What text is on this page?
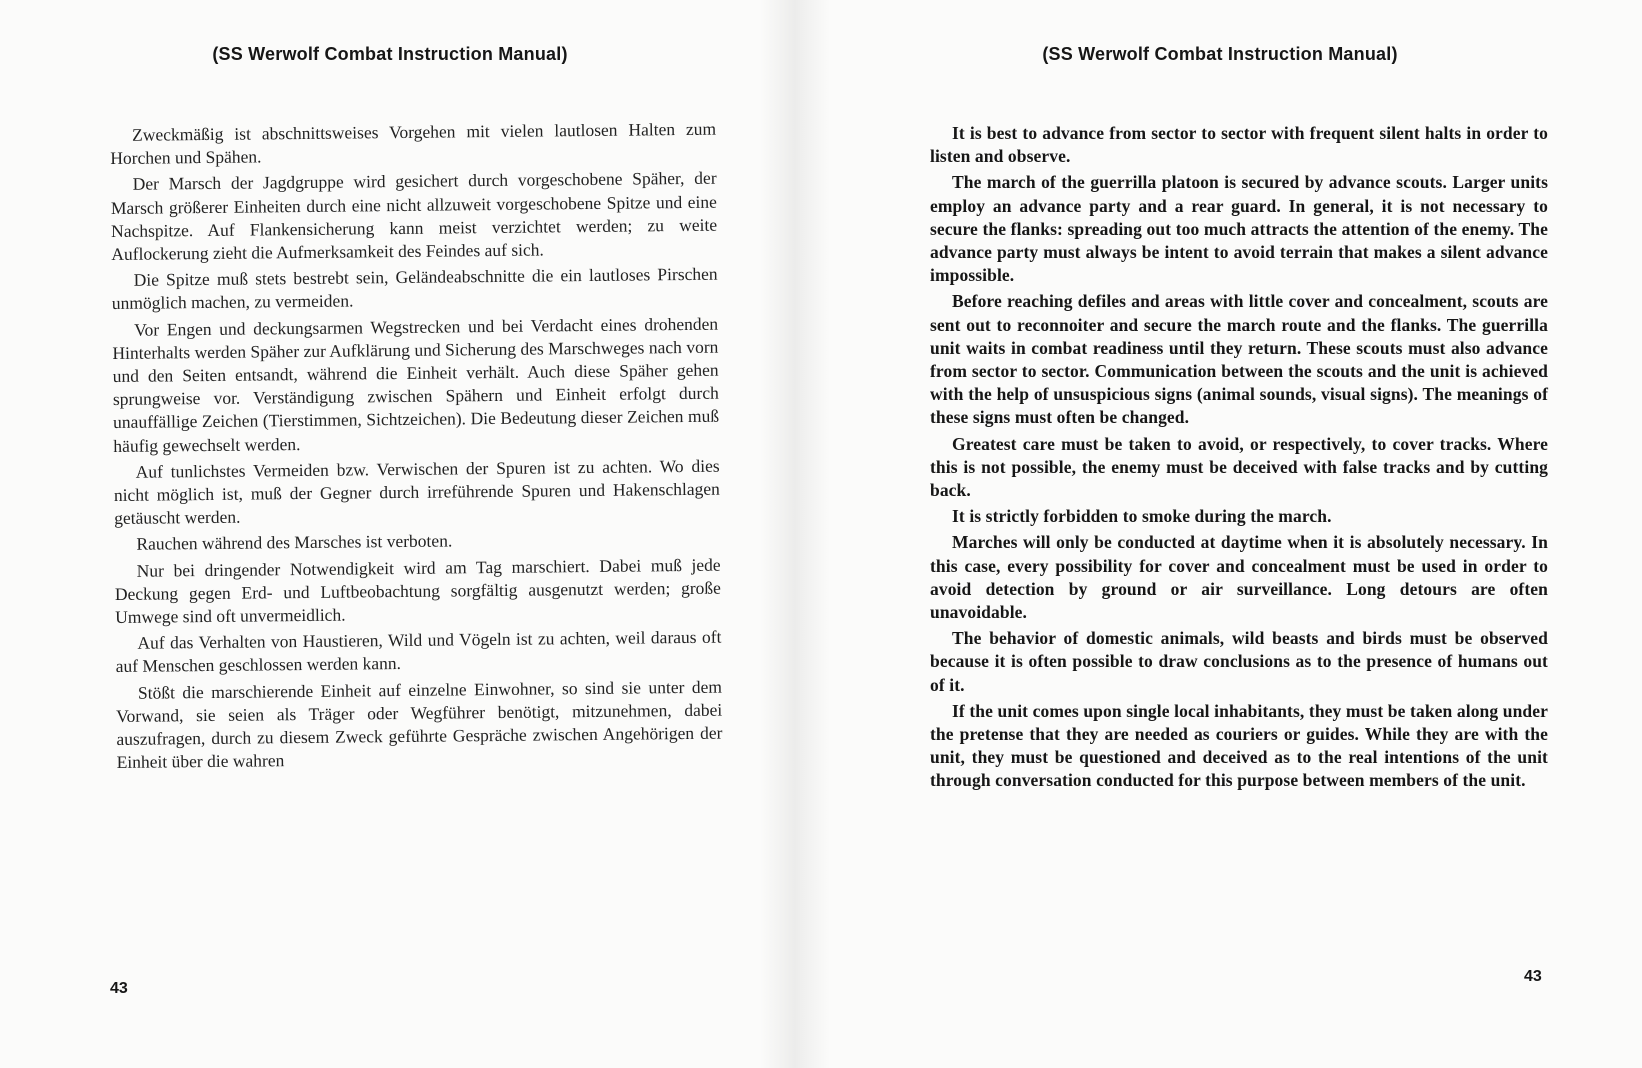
(SS Werwolf Combat Instruction Manual)

Zweckmäßig ist abschnittsweises Vorgehen mit vielen lautlosen Halten zum Horchen und Spähen.

Der Marsch der Jagdgruppe wird gesichert durch vorgeschobene Späher, der Marsch größerer Einheiten durch eine nicht allzuweit vorgeschobene Spitze und eine Nachspitze. Auf Flankensicherung kann meist verzichtet werden; zu weite Auflockerung zieht die Aufmerksamkeit des Feindes auf sich.

Die Spitze muß stets bestrebt sein, Geländeabschnitte die ein lautloses Pirschen unmöglich machen, zu vermeiden.

Vor Engen und deckungsarmen Wegstrecken und bei Verdacht eines drohenden Hinterhalts werden Späher zur Aufklärung und Sicherung des Marschweges nach vorn und den Seiten entsandt, während die Einheit verhält. Auch diese Späher gehen sprungweise vor. Verständigung zwischen Spähern und Einheit erfolgt durch unauffällige Zeichen (Tierstimmen, Sichtzeichen). Die Bedeutung dieser Zeichen muß häufig gewechselt werden.

Auf tunlichstes Vermeiden bzw. Verwischen der Spuren ist zu achten. Wo dies nicht möglich ist, muß der Gegner durch irreführende Spuren und Hakenschlagen getäuscht werden.

Rauchen während des Marsches ist verboten.

Nur bei dringender Notwendigkeit wird am Tag marschiert. Dabei muß jede Deckung gegen Erd- und Luftbeobachtung sorgfältig ausgenutzt werden; große Umwege sind oft unvermeidlich.

Auf das Verhalten von Haustieren, Wild und Vögeln ist zu achten, weil daraus oft auf Menschen geschlossen werden kann.

Stößt die marschierende Einheit auf einzelne Einwohner, so sind sie unter dem Vorwand, sie seien als Träger oder Wegführer benötigt, mitzunehmen, dabei auszufragen, durch zu diesem Zweck geführte Gespräche zwischen Angehörigen der Einheit über die wahren

43
(SS Werwolf Combat Instruction Manual)

It is best to advance from sector to sector with frequent silent halts in order to listen and observe.

The march of the guerrilla platoon is secured by advance scouts. Larger units employ an advance party and a rear guard. In general, it is not necessary to secure the flanks: spreading out too much attracts the attention of the enemy. The advance party must always be intent to avoid terrain that makes a silent advance impossible.

Before reaching defiles and areas with little cover and concealment, scouts are sent out to reconnoiter and secure the march route and the flanks. The guerrilla unit waits in combat readiness until they return. These scouts must also advance from sector to sector. Communication between the scouts and the unit is achieved with the help of unsuspicious signs (animal sounds, visual signs). The meanings of these signs must often be changed.

Greatest care must be taken to avoid, or respectively, to cover tracks. Where this is not possible, the enemy must be deceived with false tracks and by cutting back.

It is strictly forbidden to smoke during the march.

Marches will only be conducted at daytime when it is absolutely necessary. In this case, every possibility for cover and concealment must be used in order to avoid detection by ground or air surveillance. Long detours are often unavoidable.

The behavior of domestic animals, wild beasts and birds must be observed because it is often possible to draw conclusions as to the presence of humans out of it.

If the unit comes upon single local inhabitants, they must be taken along under the pretense that they are needed as couriers or guides. While they are with the unit, they must be questioned and deceived as to the real intentions of the unit through conversation conducted for this purpose between members of the unit.

43
